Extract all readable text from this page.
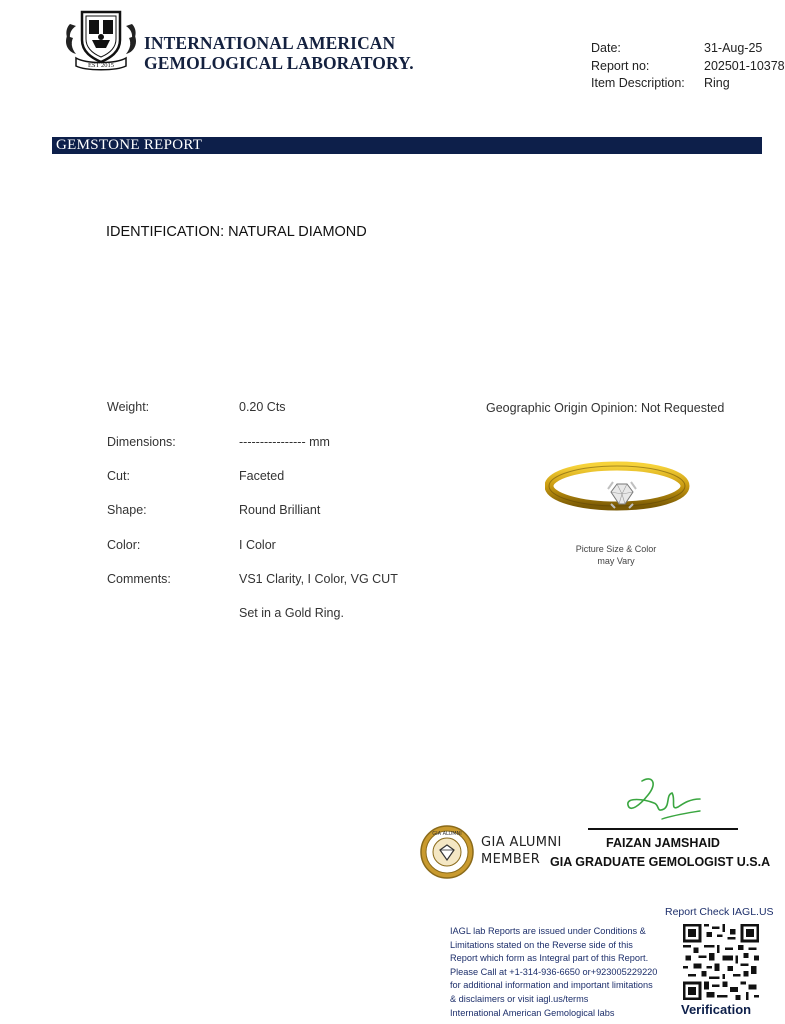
EST 2015
INTERNATIONAL AMERICAN
GEMOLOGICAL LABORATORY.
Date:	31-Aug-25
Report no:	202501-10378
Item Description:	Ring
GEMSTONE REPORT
IDENTIFICATION: NATURAL DIAMOND
Weight:	0.20 Cts
Dimensions:	---------------- mm
Cut:	Faceted
Shape:	Round Brilliant
Color:	I Color
Comments:	VS1 Clarity, I Color, VG CUT
Set in a Gold Ring.
Geographic Origin Opinion: Not Requested
Picture Size & Color
may Vary
FAIZAN JAMSHAID
GIA GRADUATE GEMOLOGIST U.S.A
GIA ALUMNI
GIA ALUMNI
MEMBER
IAGL lab Reports are issued under Conditions &
Limitations stated on the Reverse side of this
Report which form as Integral part of this Report.
Please Call at +1-314-936-6650 or+923005229220
for additional information and important limitations
& disclaimers or visit iagl.us/terms
International American Gemological labs
Report Check IAGL.US
Verification
